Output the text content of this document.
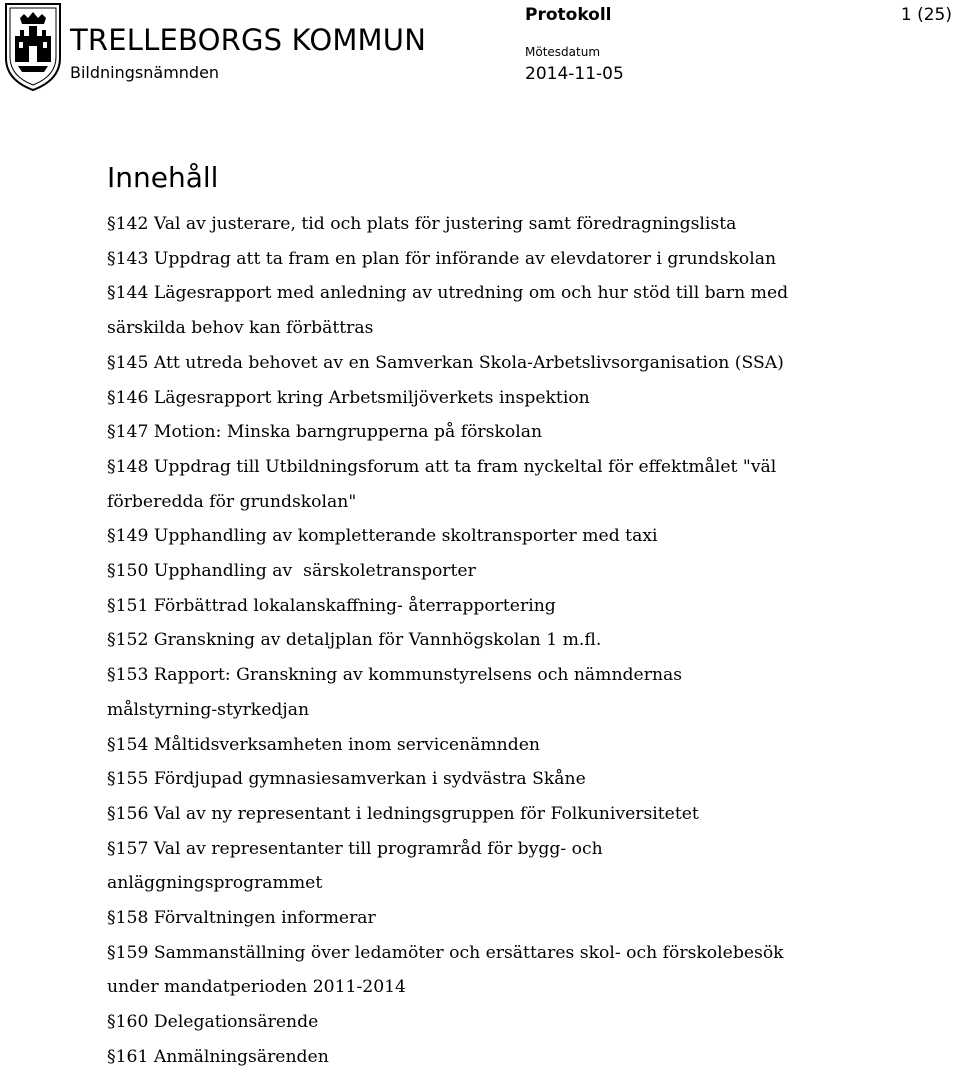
TRELLEBORGS KOMMUN
Bildningsnämnden
Protokoll	1 (25)
Mötesdatum
2014-11-05
Innehåll
§142 Val av justerare, tid och plats för justering samt föredragningslista
§143 Uppdrag att ta fram en plan för införande av elevdatorer i grundskolan
§144 Lägesrapport med anledning av utredning om och hur stöd till barn med
särskilda behov kan förbättras
§145 Att utreda behovet av en Samverkan Skola-Arbetslivsorganisation (SSA)
§146 Lägesrapport kring Arbetsmiljöverkets inspektion
§147 Motion: Minska barngrupperna på förskolan
§148 Uppdrag till Utbildningsforum att ta fram nyckeltal för effektmålet "väl
förberedda för grundskolan"
§149 Upphandling av kompletterande skoltransporter med taxi
§150 Upphandling av  särskoletransporter
§151 Förbättrad lokalanskaffning- återrapportering
§152 Granskning av detaljplan för Vannhögskolan 1 m.fl.
§153 Rapport: Granskning av kommunstyrelsens och nämndernas
målstyrning-styrkedjan
§154 Måltidsverksamheten inom servicenämnden
§155 Fördjupad gymnasiesamverkan i sydvästra Skåne
§156 Val av ny representant i ledningsgruppen för Folkuniversitetet
§157 Val av representanter till programråd för bygg- och
anläggningsprogrammet
§158 Förvaltningen informerar
§159 Sammanställning över ledamöter och ersättares skol- och förskolebesök
under mandatperioden 2011-2014
§160 Delegationsärende
§161 Anmälningsärenden
